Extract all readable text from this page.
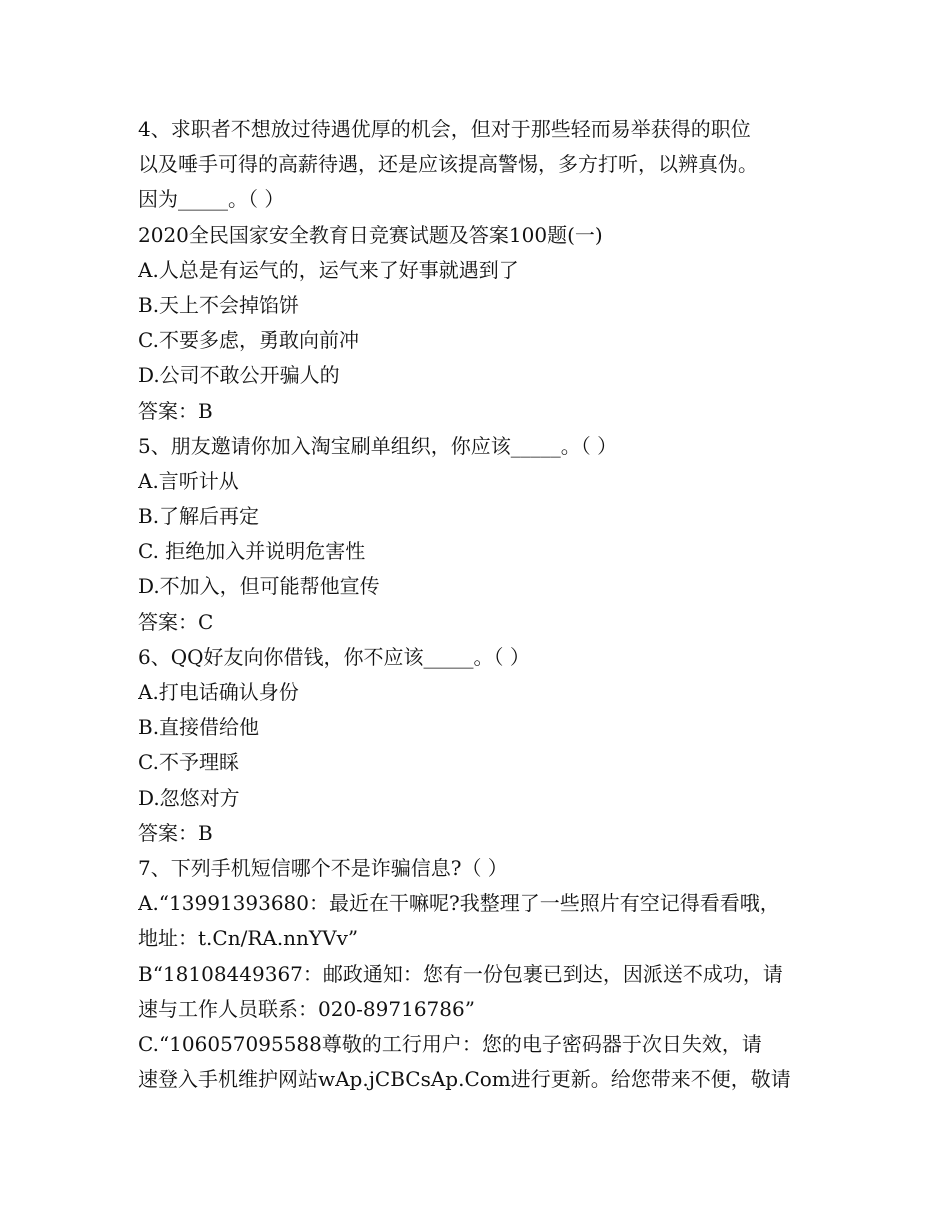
4、求职者不想放过待遇优厚的机会，但对于那些轻而易举获得的职位
以及唾手可得的高薪待遇，还是应该提高警惕，多方打听，以辨真伪。
因为_____。（ ）
2020全民国家安全教育日竞赛试题及答案100题(一)
A.人总是有运气的，运气来了好事就遇到了
B.天上不会掉馅饼
C.不要多虑，勇敢向前冲
D.公司不敢公开骗人的
答案：B
5、朋友邀请你加入淘宝刷单组织，你应该_____。（ ）
A.言听计从
B.了解后再定
C. 拒绝加入并说明危害性
D.不加入，但可能帮他宣传
答案：C
6、QQ好友向你借钱，你不应该_____。（ ）
A.打电话确认身份
B.直接借给他
C.不予理睬
D.忽悠对方
答案：B
7、下列手机短信哪个不是诈骗信息?（ ）
A.“13991393680：最近在干嘛呢?我整理了一些照片有空记得看看哦，
地址：t.Cn/RA.nnYVv”
B“18108449367：邮政通知：您有一份包裹已到达，因派送不成功，请
速与工作人员联系：020-89716786”
C.“106057095588尊敬的工行用户：您的电子密码器于次日失效，请
速登入手机维护网站wAp.jCBCsAp.Com进行更新。给您带来不便，敬请
